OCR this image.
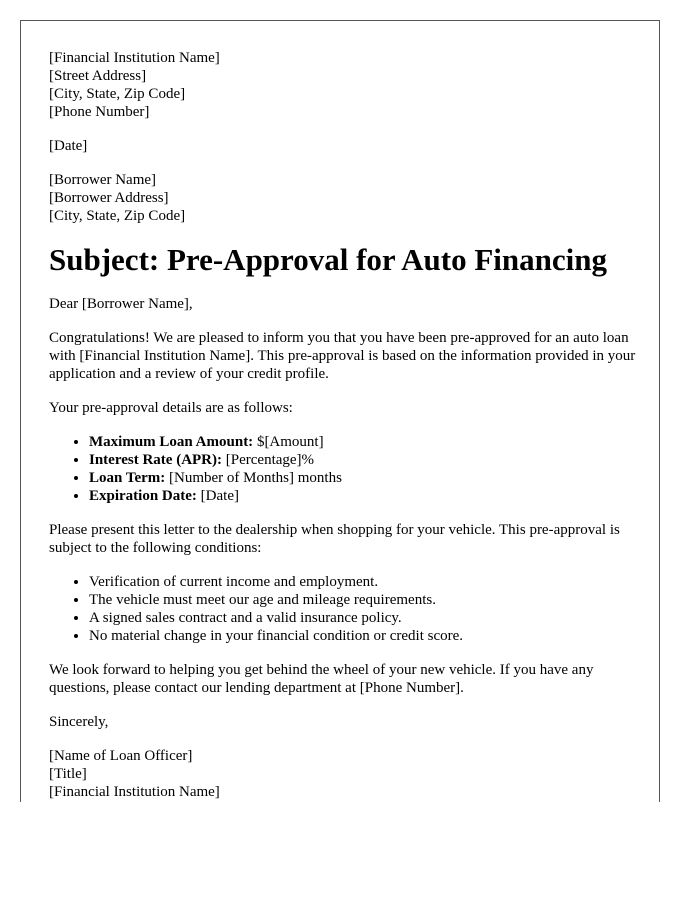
[Financial Institution Name]
[Street Address]
[City, State, Zip Code]
[Phone Number]
[Date]
[Borrower Name]
[Borrower Address]
[City, State, Zip Code]
Subject: Pre-Approval for Auto Financing

Dear [Borrower Name],

Congratulations! We are pleased to inform you that you have been pre-approved for an auto loan with [Financial Institution Name]. This pre-approval is based on the information provided in your application and a review of your credit profile.

Your pre-approval details are as follows:

• Maximum Loan Amount: $[Amount]
• Interest Rate (APR): [Percentage]%
• Loan Term: [Number of Months] months
• Expiration Date: [Date]

Please present this letter to the dealership when shopping for your vehicle. This pre-approval is subject to the following conditions:

• Verification of current income and employment.
• The vehicle must meet our age and mileage requirements.
• A signed sales contract and a valid insurance policy.
• No material change in your financial condition or credit score.

We look forward to helping you get behind the wheel of your new vehicle. If you have any questions, please contact our lending department at [Phone Number].

Sincerely,

[Name of Loan Officer]
[Title]
[Financial Institution Name]
